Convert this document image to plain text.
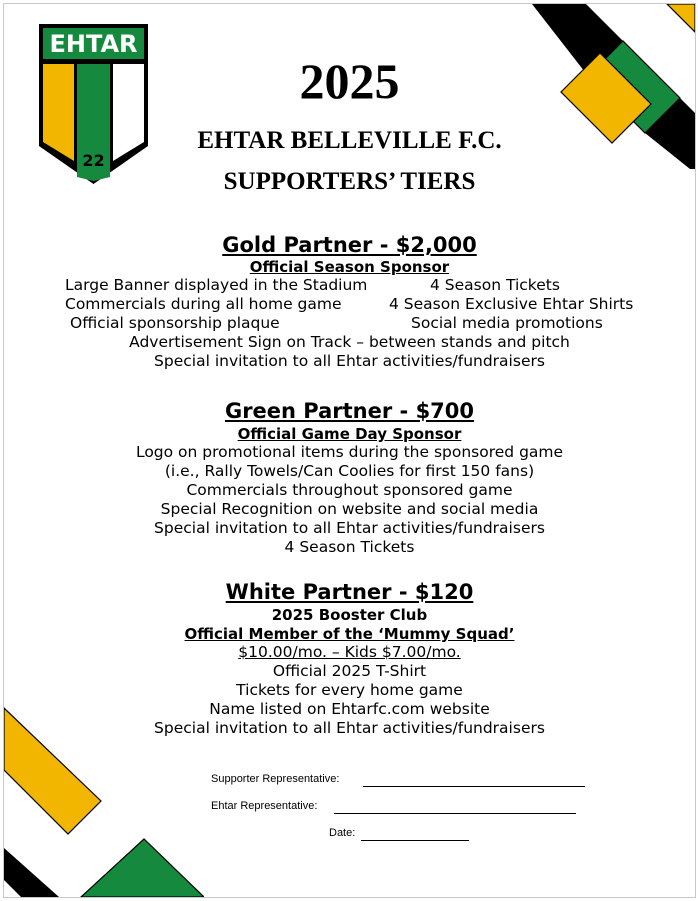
EHTAR
22
2025
EHTAR BELLEVILLE F.C.
SUPPORTERS’ TIERS
Gold Partner - $2,000
Official Season Sponsor
Large Banner displayed in the Stadium	4 Season Tickets
Commercials during all home game	4 Season Exclusive Ehtar Shirts
Official sponsorship plaque	Social media promotions
Advertisement Sign on Track – between stands and pitch
Special invitation to all Ehtar activities/fundraisers
Green Partner - $700
Official Game Day Sponsor
Logo on promotional items during the sponsored game
(i.e., Rally Towels/Can Coolies for first 150 fans)
Commercials throughout sponsored game
Special Recognition on website and social media
Special invitation to all Ehtar activities/fundraisers
4 Season Tickets
White Partner - $120
2025 Booster Club
Official Member of the ‘Mummy Squad’
$10.00/mo. – Kids $7.00/mo.
Official 2025 T-Shirt
Tickets for every home game
Name listed on Ehtarfc.com website
Special invitation to all Ehtar activities/fundraisers
Supporter Representative:
Ehtar Representative:
Date:
